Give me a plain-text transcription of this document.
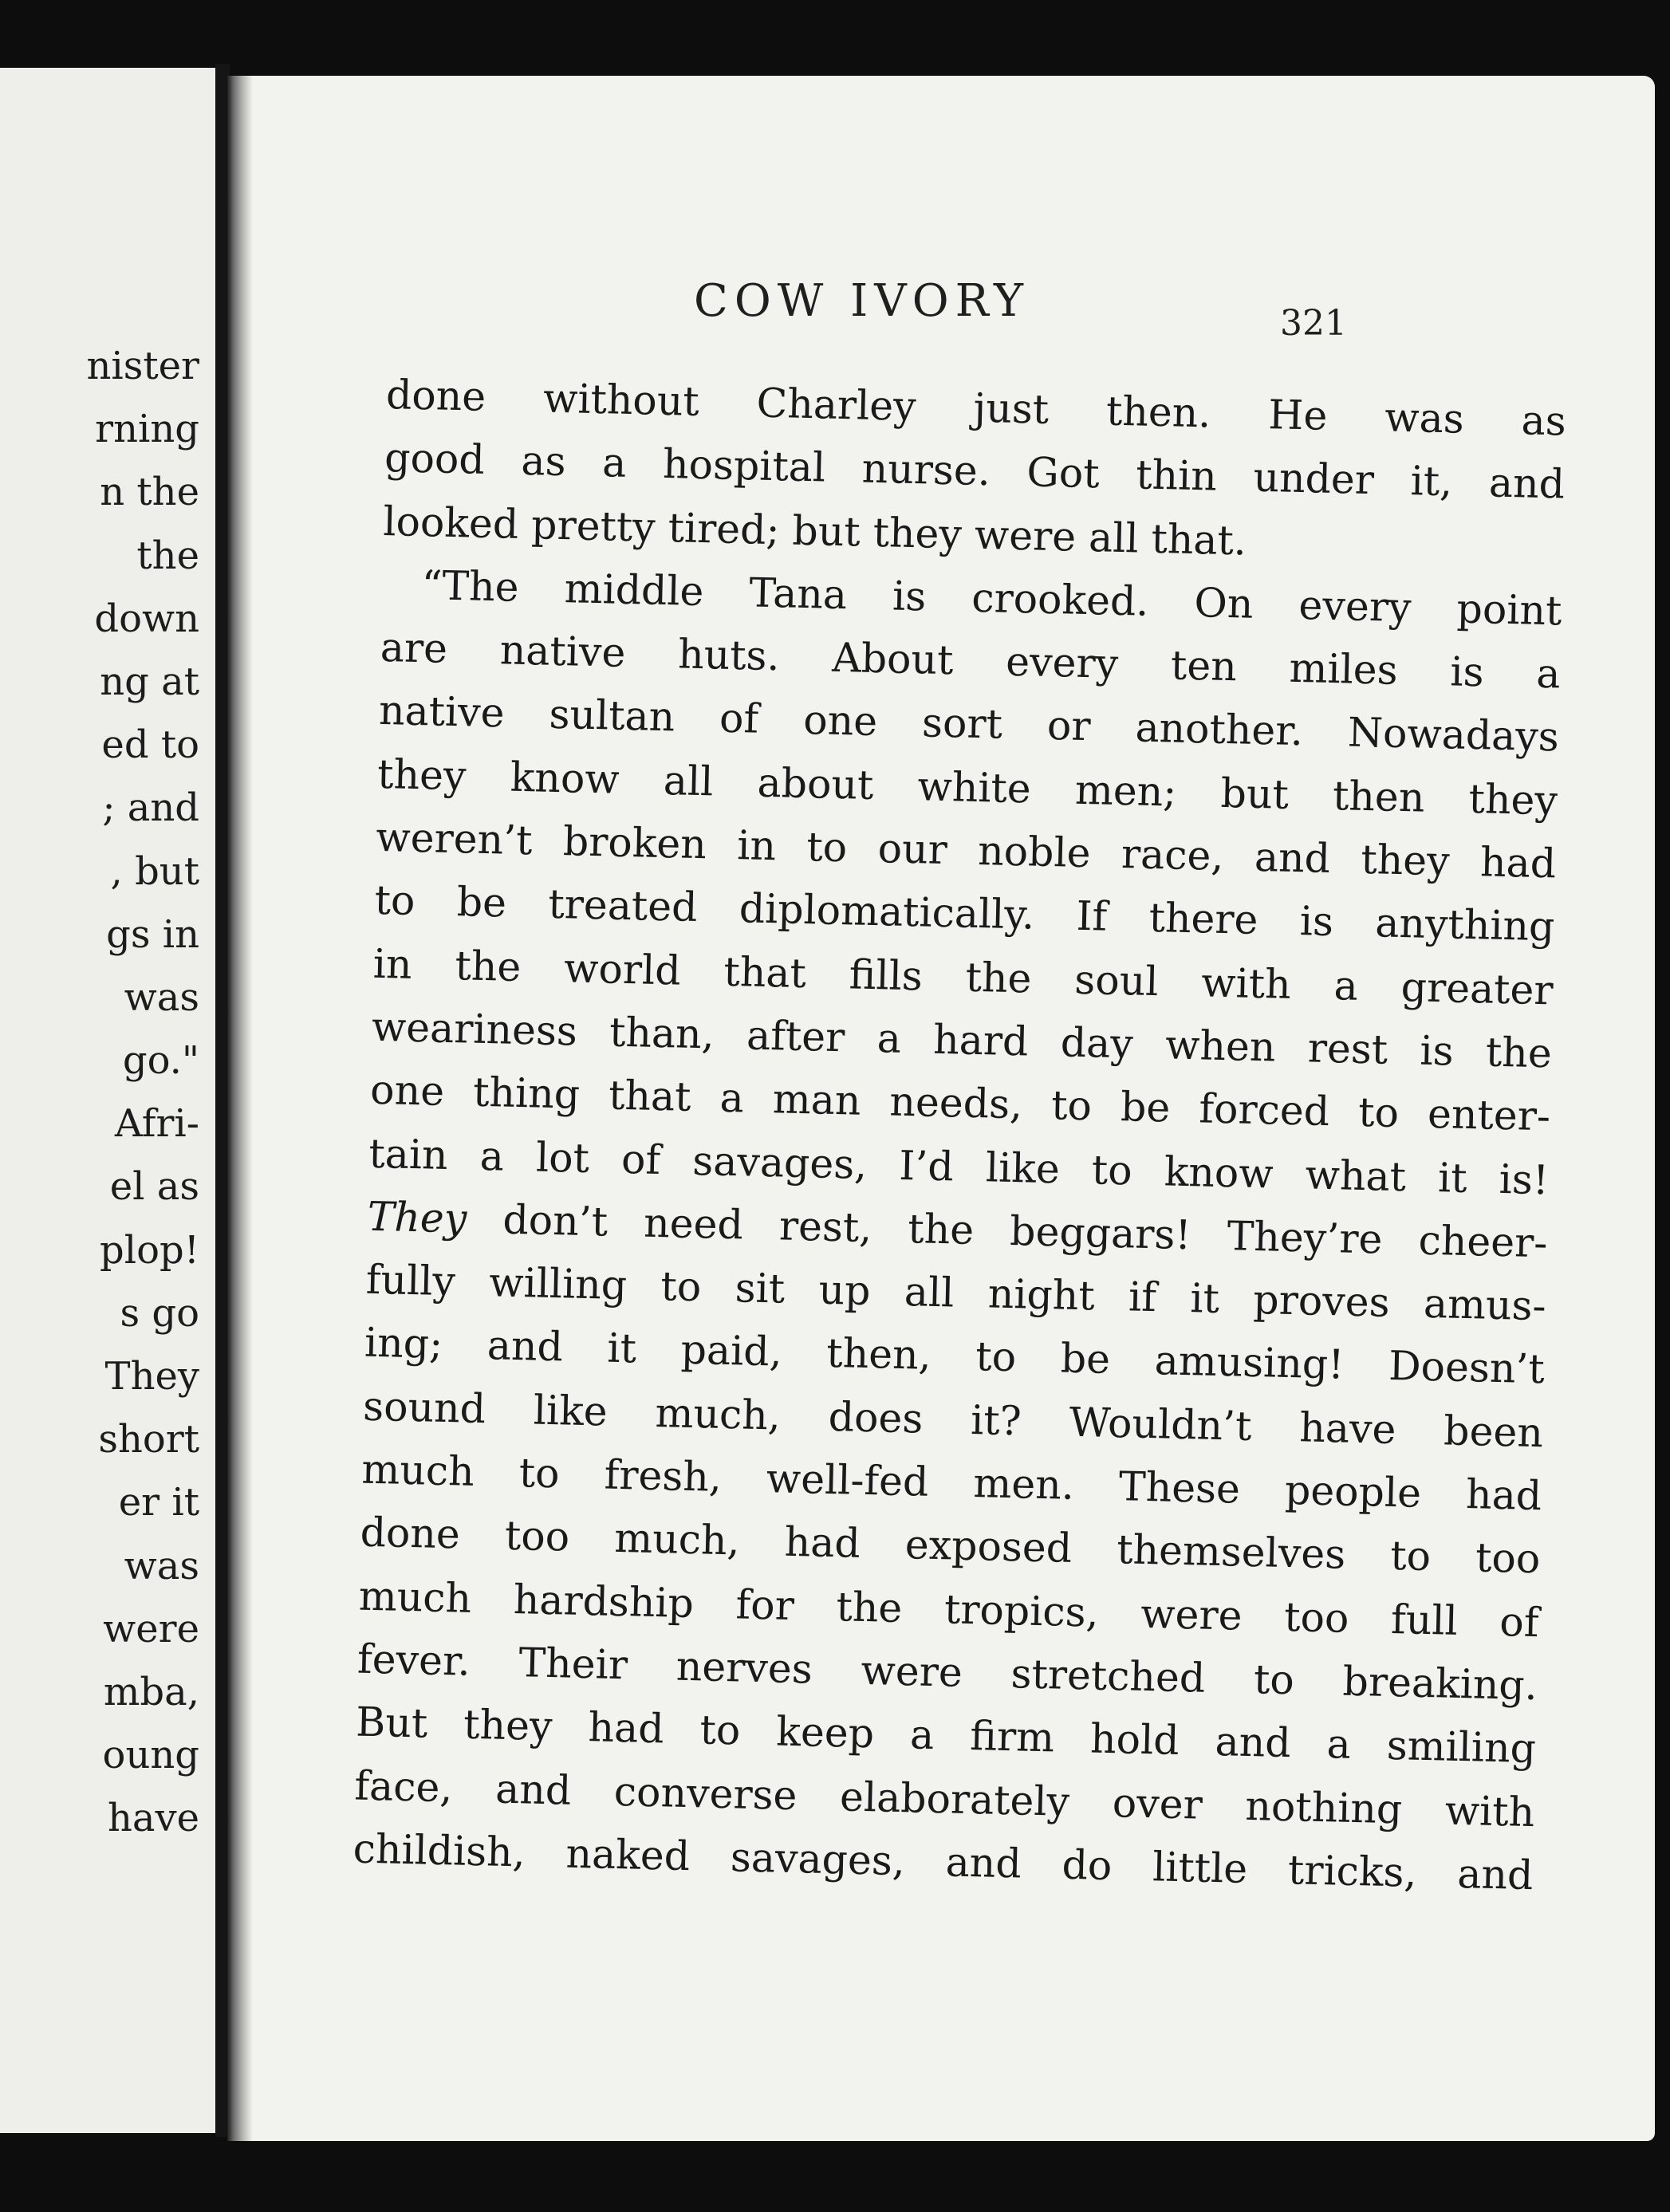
nister
rning
n the
the
down
ng at
ed to
; and
, but
gs in
was
go."
Afri-
el as
plop!
s go
They
short
er it
was
were
mba,
oung
have
COW IVORY	321
done without Charley just then. He was as
good as a hospital nurse. Got thin under it, and
looked pretty tired; but they were all that.
“The middle Tana is crooked. On every point
are native huts. About every ten miles is a
native sultan of one sort or another. Nowadays
they know all about white men; but then they
weren’t broken in to our noble race, and they had
to be treated diplomatically. If there is anything
in the world that fills the soul with a greater
weariness than, after a hard day when rest is the
one thing that a man needs, to be forced to enter-
tain a lot of savages, I’d like to know what it is!
They don’t need rest, the beggars! They’re cheer-
fully willing to sit up all night if it proves amus-
ing; and it paid, then, to be amusing! Doesn’t
sound like much, does it? Wouldn’t have been
much to fresh, well-fed men. These people had
done too much, had exposed themselves to too
much hardship for the tropics, were too full of
fever. Their nerves were stretched to breaking.
But they had to keep a firm hold and a smiling
face, and converse elaborately over nothing with
childish, naked savages, and do little tricks, and
